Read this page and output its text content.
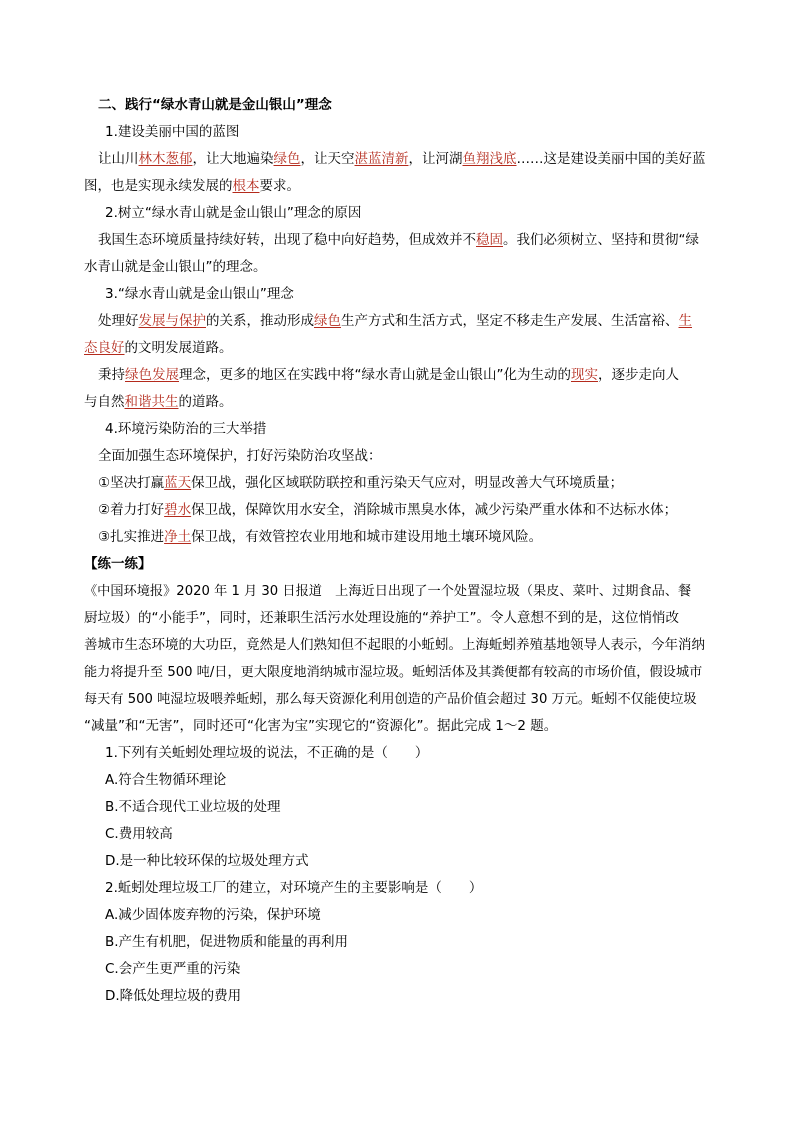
二、践行“绿水青山就是金山银山”理念
1.建设美丽中国的蓝图
让山川林木葱郁，让大地遍染绿色，让天空湛蓝清新，让河湖鱼翔浅底……这是建设美丽中国的美好蓝
图，也是实现永续发展的根本要求。
2.树立“绿水青山就是金山银山”理念的原因
我国生态环境质量持续好转，出现了稳中向好趋势，但成效并不稳固。我们必须树立、坚持和贯彻“绿
水青山就是金山银山”的理念。
3.“绿水青山就是金山银山”理念
处理好发展与保护的关系，推动形成绿色生产方式和生活方式，坚定不移走生产发展、生活富裕、生
态良好的文明发展道路。
秉持绿色发展理念，更多的地区在实践中将“绿水青山就是金山银山”化为生动的现实，逐步走向人
与自然和谐共生的道路。
4.环境污染防治的三大举措
全面加强生态环境保护，打好污染防治攻坚战：
①坚决打赢蓝天保卫战，强化区域联防联控和重污染天气应对，明显改善大气环境质量；
②着力打好碧水保卫战，保障饮用水安全，消除城市黑臭水体，减少污染严重水体和不达标水体；
③扎实推进净土保卫战，有效管控农业用地和城市建设用地土壤环境风险。
【练一练】
《中国环境报》2020 年 1 月 30 日报道　上海近日出现了一个处置湿垃圾（果皮、菜叶、过期食品、餐
厨垃圾）的“小能手”，同时，还兼职生活污水处理设施的“养护工”。令人意想不到的是，这位悄悄改
善城市生态环境的大功臣，竟然是人们熟知但不起眼的小蚯蚓。上海蚯蚓养殖基地领导人表示，今年消纳
能力将提升至 500 吨/日，更大限度地消纳城市湿垃圾。蚯蚓活体及其粪便都有较高的市场价值，假设城市
每天有 500 吨湿垃圾喂养蚯蚓，那么每天资源化利用创造的产品价值会超过 30 万元。蚯蚓不仅能使垃圾
“减量”和“无害”，同时还可“化害为宝”实现它的“资源化”。据此完成 1～2 题。
1.下列有关蚯蚓处理垃圾的说法，不正确的是（　　）
A.符合生物循环理论
B.不适合现代工业垃圾的处理
C.费用较高
D.是一种比较环保的垃圾处理方式
2.蚯蚓处理垃圾工厂的建立，对环境产生的主要影响是（　　）
A.减少固体废弃物的污染，保护环境
B.产生有机肥，促进物质和能量的再利用
C.会产生更严重的污染
D.降低处理垃圾的费用
